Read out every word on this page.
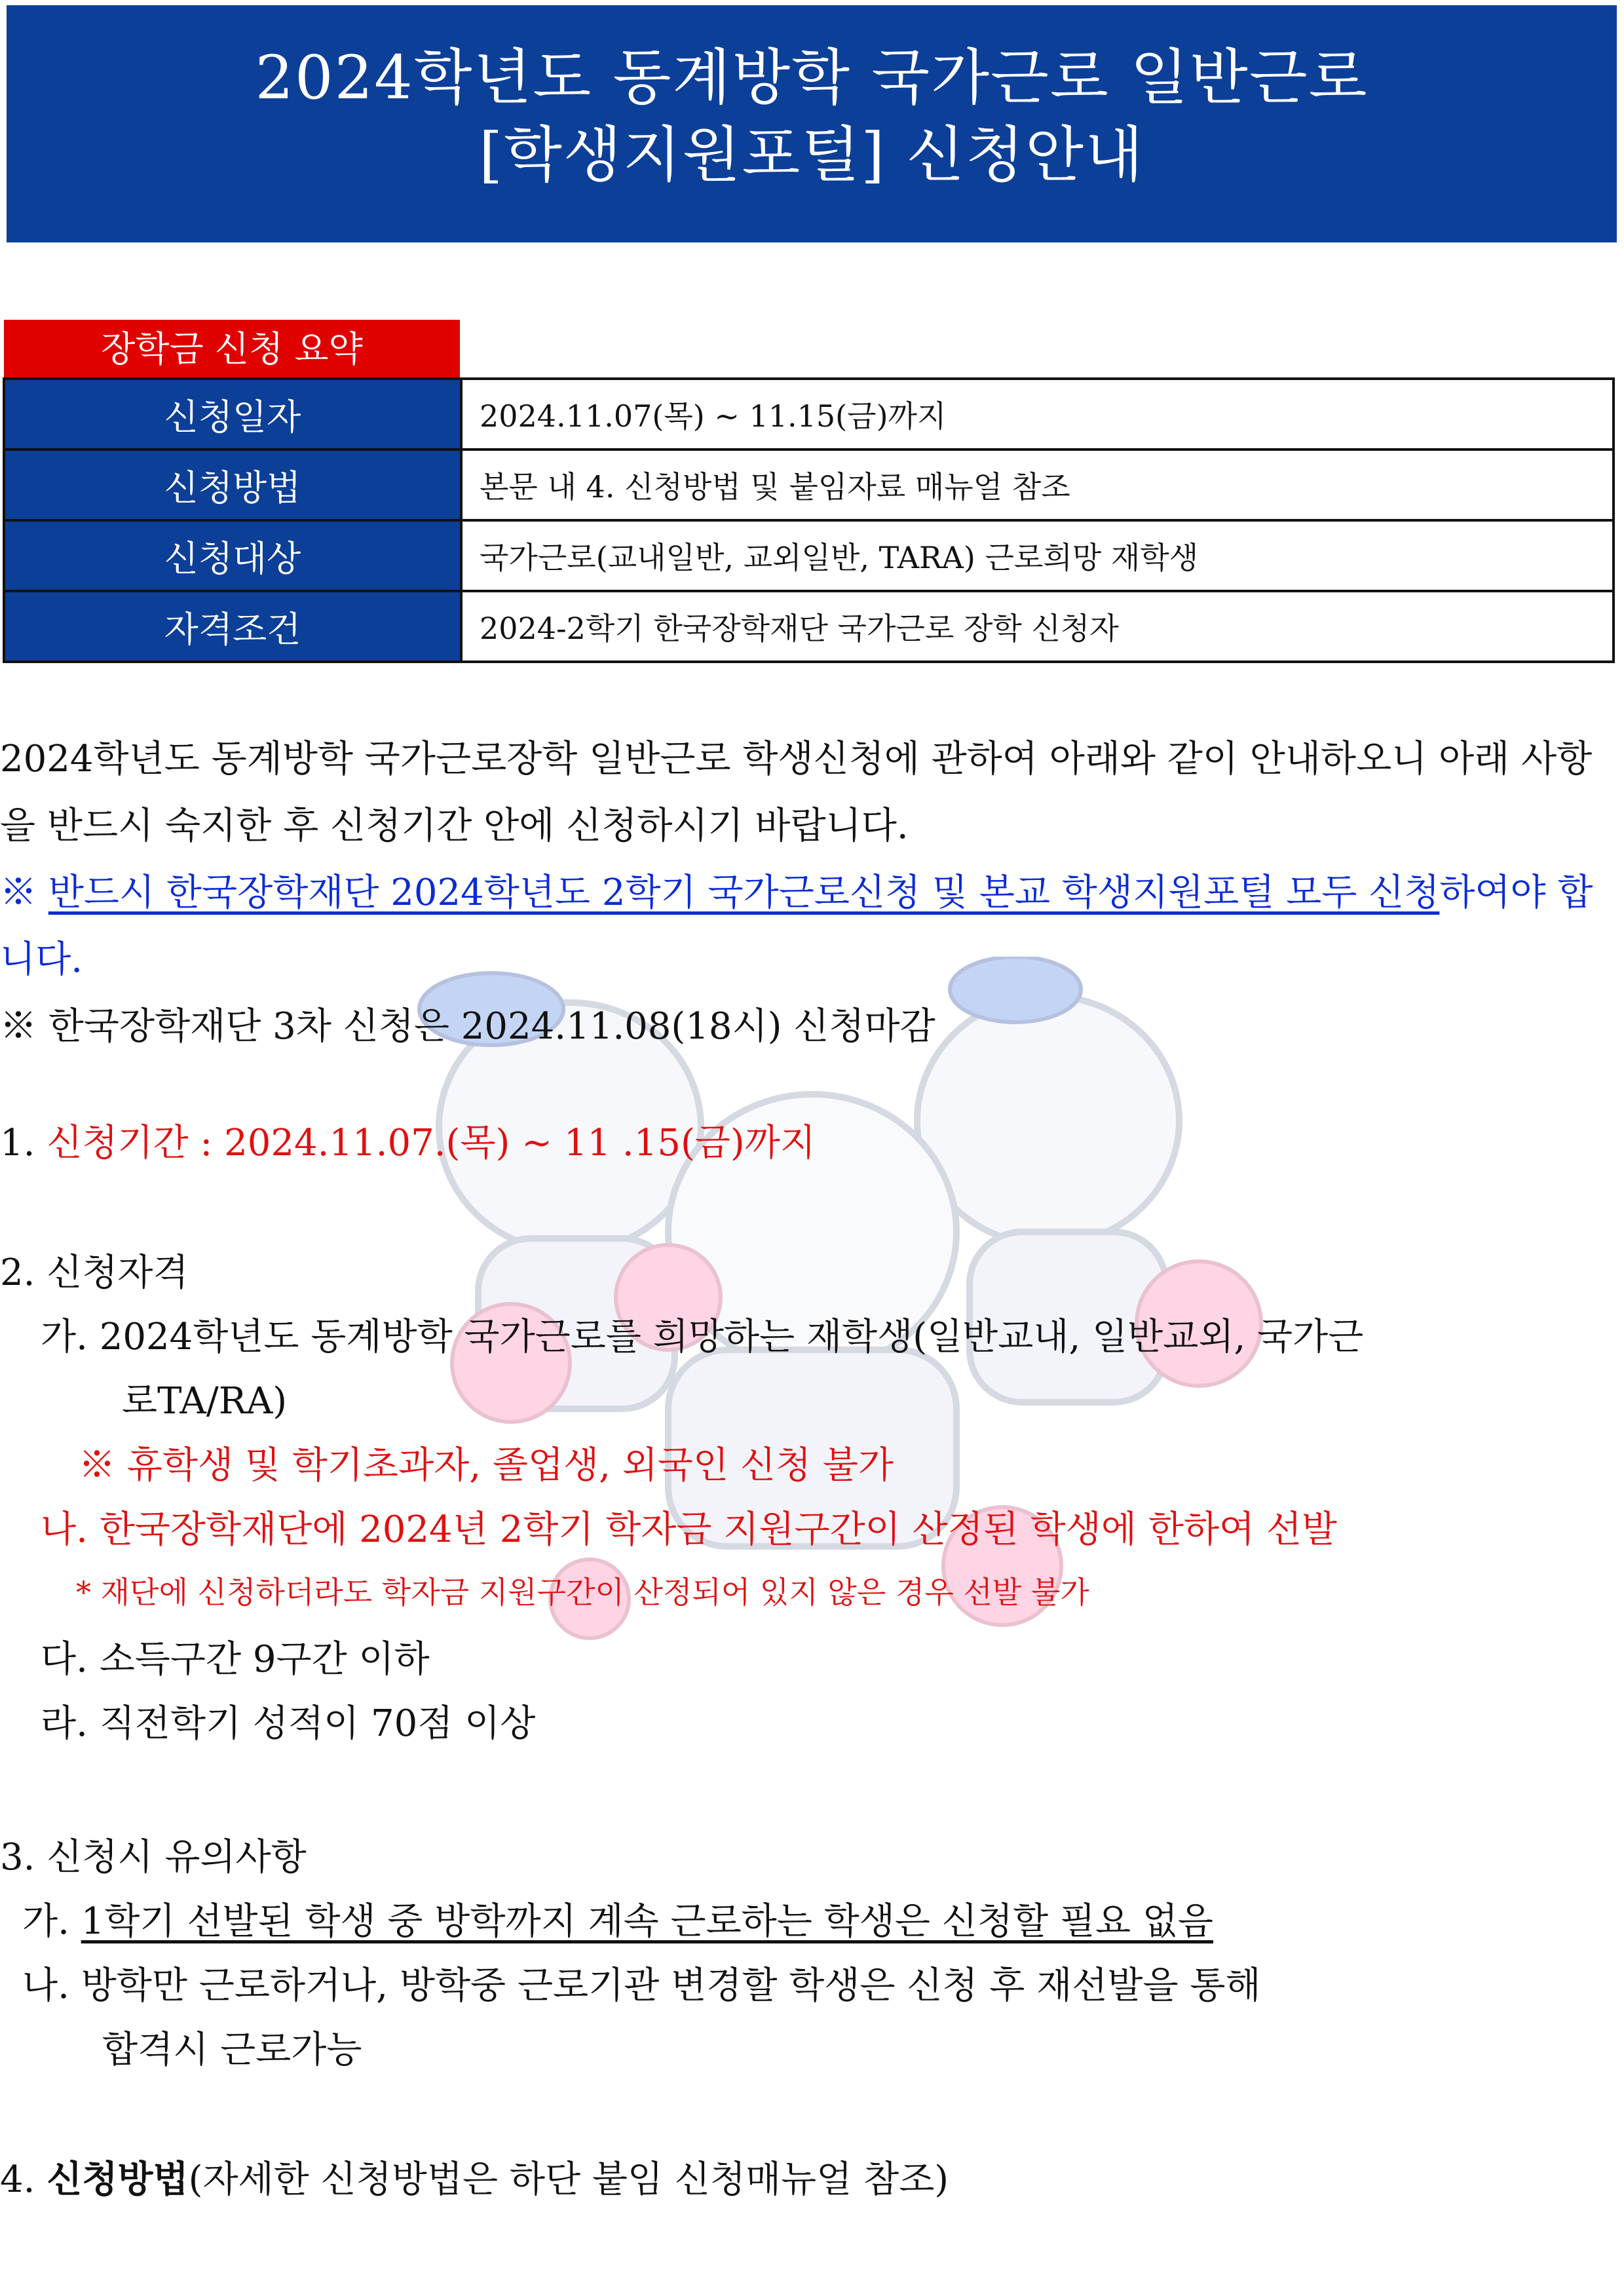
2024학년도 동계방학 국가근로 일반근로
[학생지원포털] 신청안내
장학금 신청 요약
신청일자	2024.11.07(목) ~ 11.15(금)까지
신청방법	본문 내 4. 신청방법 및 붙임자료 매뉴얼 참조
신청대상	국가근로(교내일반, 교외일반, TARA) 근로희망 재학생
자격조건	2024-2학기 한국장학재단 국가근로 장학 신청자
2024학년도 동계방학 국가근로장학 일반근로 학생신청에 관하여 아래와 같이 안내하오니 아래 사항을 반드시 숙지한 후 신청기간 안에 신청하시기 바랍니다.
※ 반드시 한국장학재단 2024학년도 2학기 국가근로신청 및 본교 학생지원포털 모두 신청하여야 합니다.
※ 한국장학재단 3차 신청은 2024.11.08(18시) 신청마감
1. 신청기간 : 2024.11.07.(목) ~ 11 .15(금)까지
2. 신청자격
가. 2024학년도 동계방학 국가근로를 희망하는 재학생(일반교내, 일반교외, 국가근
로TA/RA)
※ 휴학생 및 학기초과자, 졸업생, 외국인 신청 불가
나. 한국장학재단에 2024년 2학기 학자금 지원구간이 산정된 학생에 한하여 선발
* 재단에 신청하더라도 학자금 지원구간이 산정되어 있지 않은 경우 선발 불가
다. 소득구간 9구간 이하
라. 직전학기 성적이 70점 이상
3. 신청시 유의사항
가. 1학기 선발된 학생 중 방학까지 계속 근로하는 학생은 신청할 필요 없음
나. 방학만 근로하거나, 방학중 근로기관 변경할 학생은 신청 후 재선발을 통해
합격시 근로가능
4. 신청방법(자세한 신청방법은 하단 붙임 신청매뉴얼 참조)
